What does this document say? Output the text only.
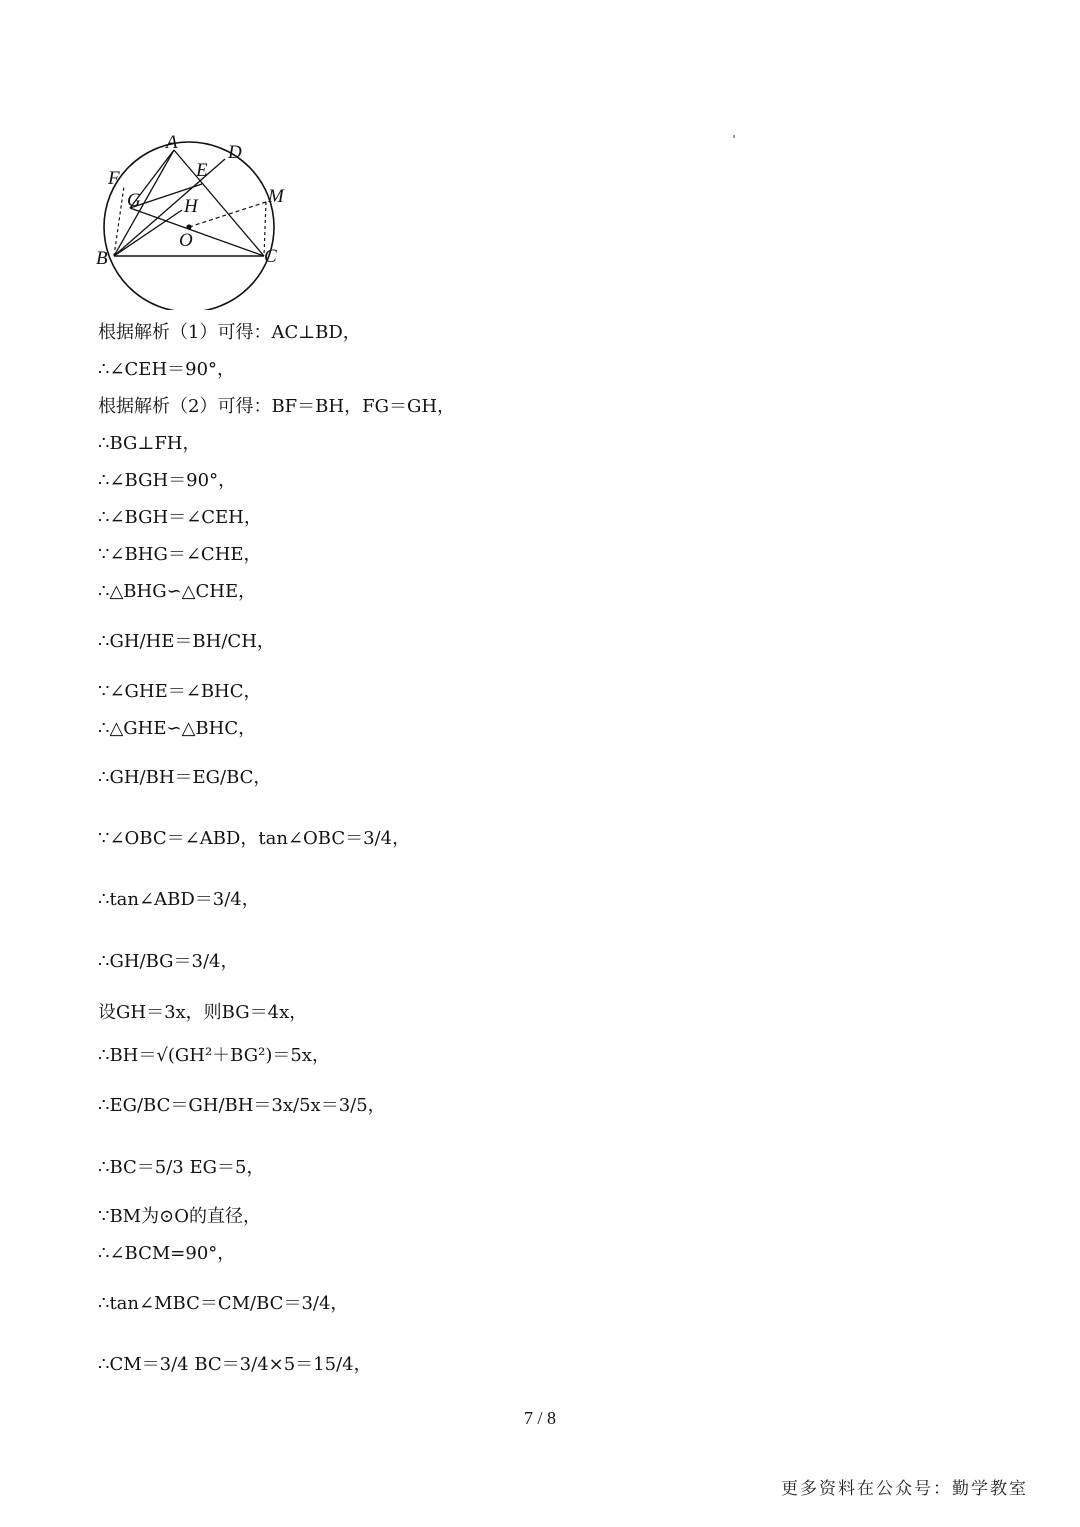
A	D
E
F
G H	M
O
B	C
根据解析（1）可得：AC⊥BD，
∴∠CEH＝90°，
根据解析（2）可得：BF＝BH，FG＝GH，
∴BG⊥FH，
∴∠BGH＝90°，
∴∠BGH＝∠CEH，
∵∠BHG＝∠CHE，
∴△BHG∽△CHE，
∴GH/HE＝BH/CH，
∵∠GHE＝∠BHC，
∴△GHE∽△BHC，
∴GH/BH＝EG/BC，
∵∠OBC＝∠ABD，tan∠OBC＝3/4，
∴tan∠ABD＝3/4，
∴GH/BG＝3/4，
设GH＝3x，则BG＝4x，
∴BH＝√(GH²＋BG²)＝5x，
∴EG/BC＝GH/BH＝3x/5x＝3/5，
∴BC＝5/3 EG＝5，
∵BM为⊙O的直径，
∴∠BCM=90°，
∴tan∠MBC＝CM/BC＝3/4，
∴CM＝3/4 BC＝3/4×5＝15/4，
7 / 8
更多资料在公众号：勤学教室
